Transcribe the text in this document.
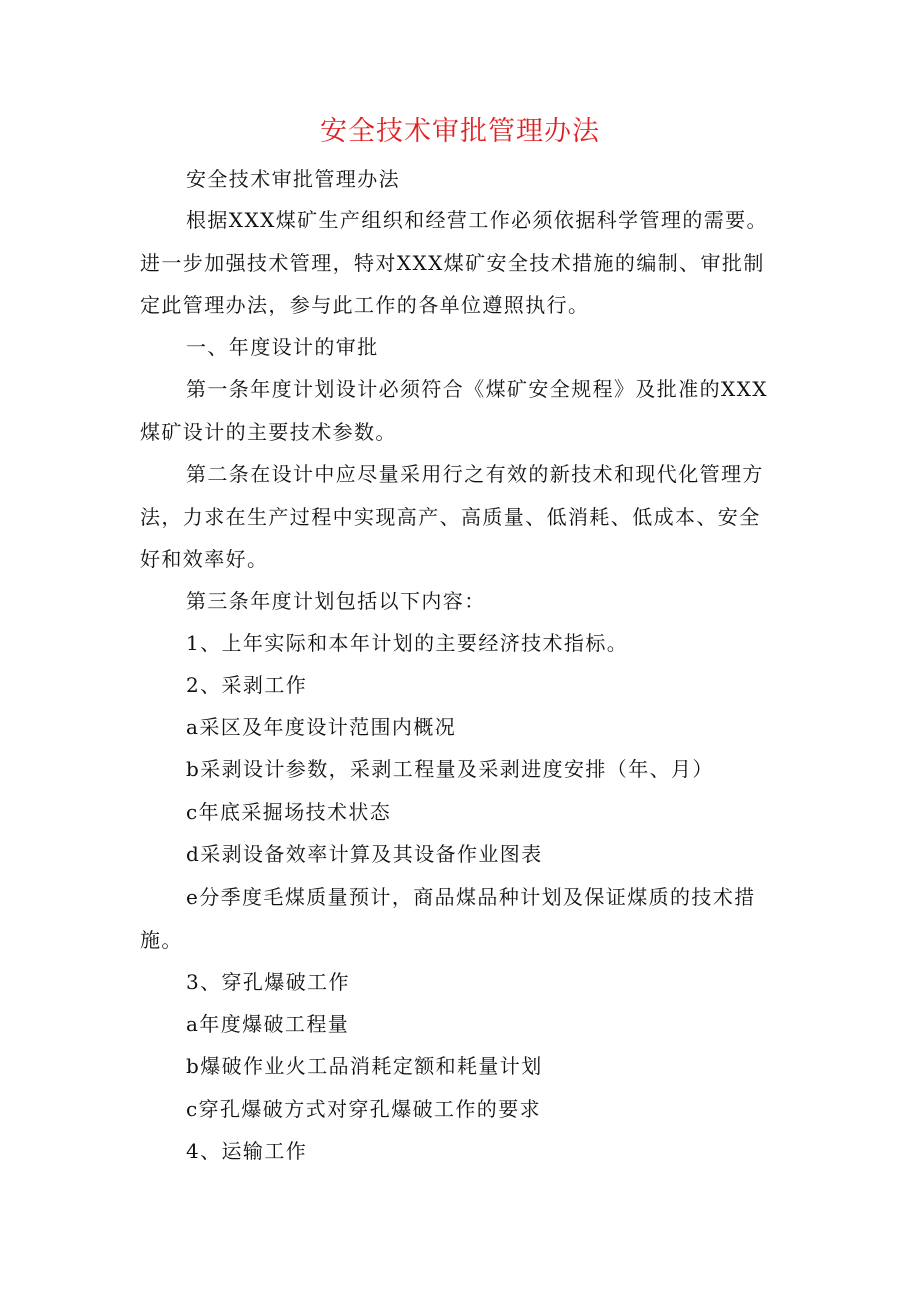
安全技术审批管理办法

安全技术审批管理办法

根据XXX煤矿生产组织和经营工作必须依据科学管理的需要。进一步加强技术管理，特对XXX煤矿安全技术措施的编制、审批制定此管理办法，参与此工作的各单位遵照执行。

一、年度设计的审批

第一条年度计划设计必须符合《煤矿安全规程》及批准的XXX煤矿设计的主要技术参数。

第二条在设计中应尽量采用行之有效的新技术和现代化管理方法，力求在生产过程中实现高产、高质量、低消耗、低成本、安全好和效率好。

第三条年度计划包括以下内容：

1、上年实际和本年计划的主要经济技术指标。

2、采剥工作

a采区及年度设计范围内概况

b采剥设计参数，采剥工程量及采剥进度安排（年、月）

c年底采掘场技术状态

d采剥设备效率计算及其设备作业图表

e分季度毛煤质量预计，商品煤品种计划及保证煤质的技术措施。

3、穿孔爆破工作

a年度爆破工程量

b爆破作业火工品消耗定额和耗量计划

c穿孔爆破方式对穿孔爆破工作的要求

4、运输工作
